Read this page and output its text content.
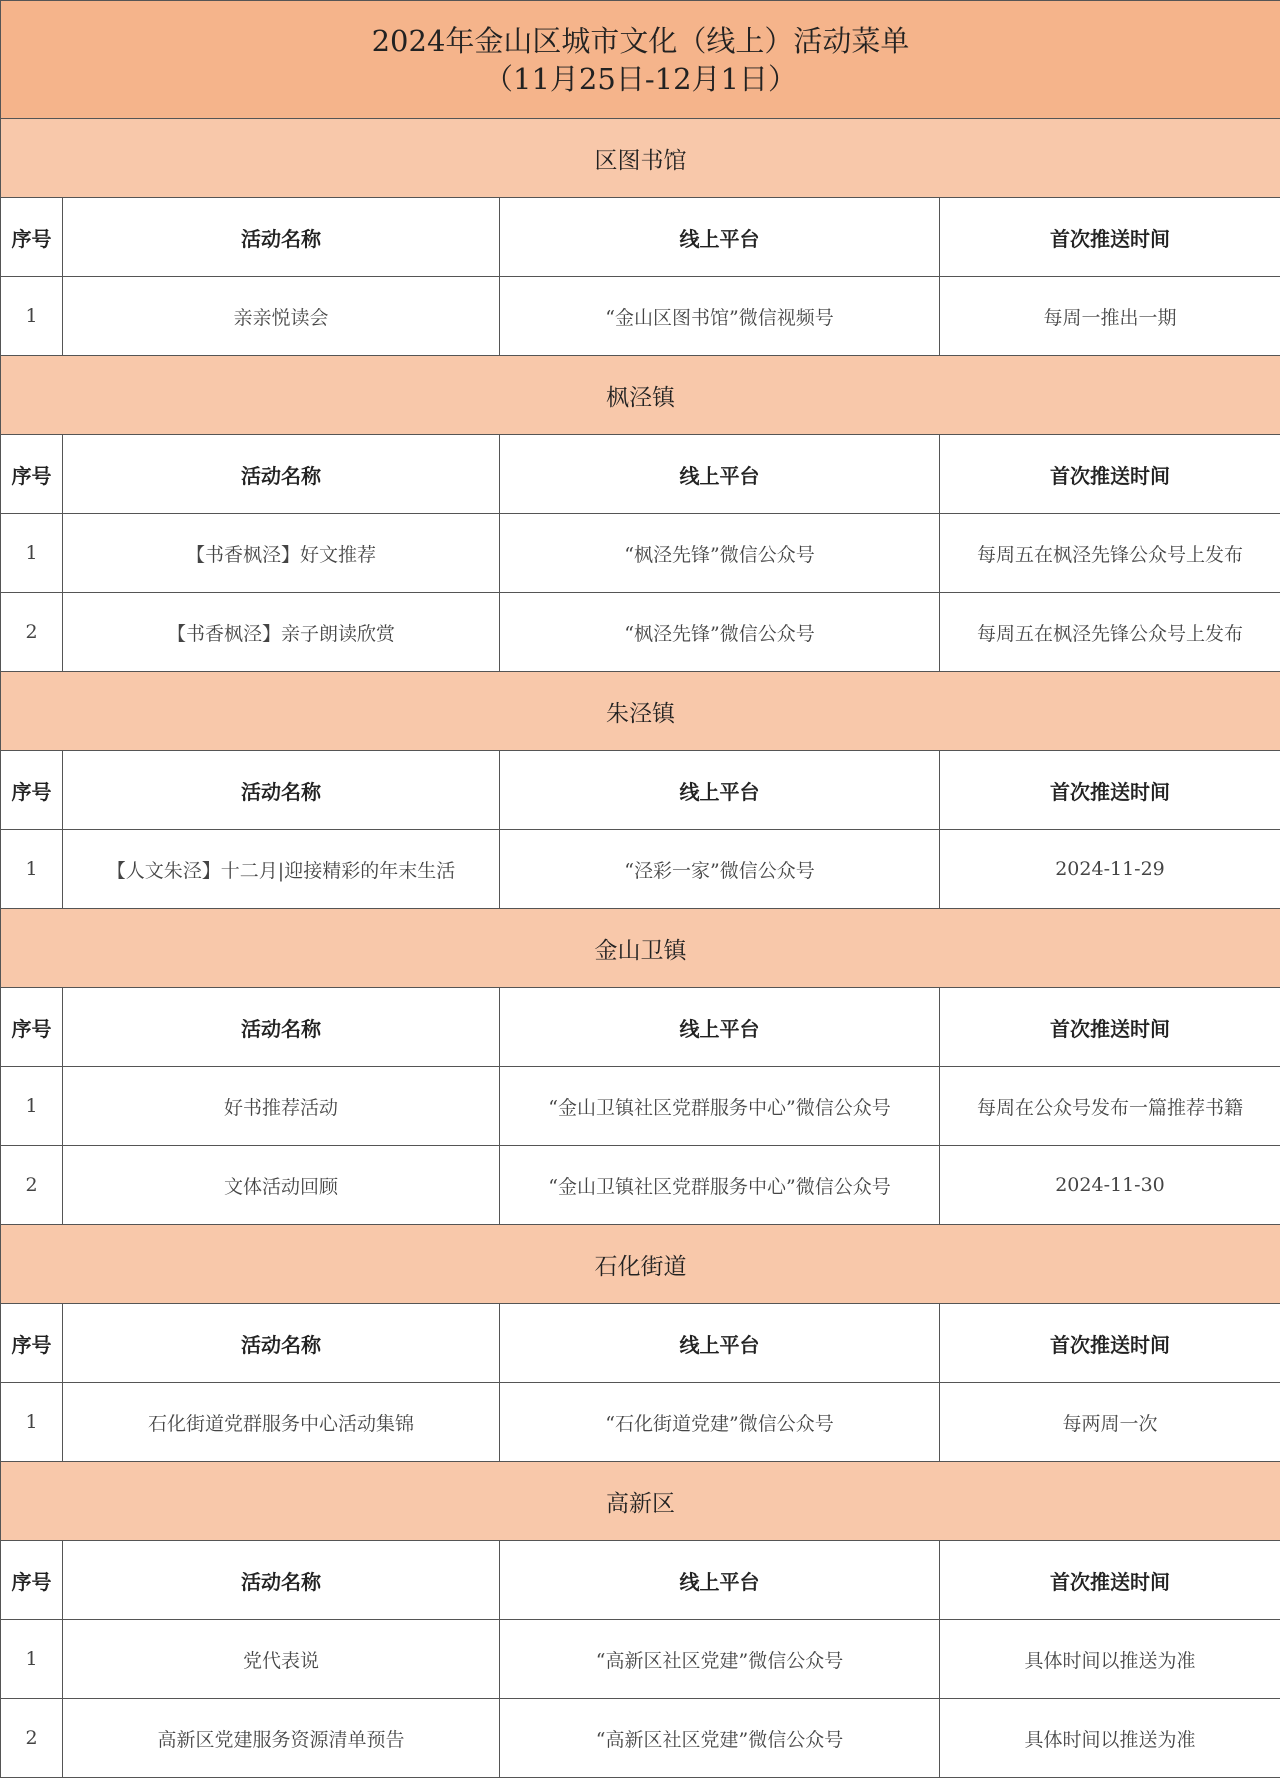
2024年金山区城市文化（线上）活动菜单
（11月25日-12月1日）			

区图书馆			
序号	活动名称	线上平台	首次推送时间
1	亲亲悦读会	“金山区图书馆”微信视频号	每周一推出一期
枫泾镇			
序号	活动名称	线上平台	首次推送时间
1	【书香枫泾】好文推荐	“枫泾先锋”微信公众号	每周五在枫泾先锋公众号上发布
2	【书香枫泾】亲子朗读欣赏	“枫泾先锋”微信公众号	每周五在枫泾先锋公众号上发布
朱泾镇			
序号	活动名称	线上平台	首次推送时间
1	【人文朱泾】十二月|迎接精彩的年末生活	“泾彩一家”微信公众号	2024-11-29
金山卫镇			
序号	活动名称	线上平台	首次推送时间
1	好书推荐活动	“金山卫镇社区党群服务中心”微信公众号	每周在公众号发布一篇推荐书籍
2	文体活动回顾	“金山卫镇社区党群服务中心”微信公众号	2024-11-30
石化街道			
序号	活动名称	线上平台	首次推送时间
1	石化街道党群服务中心活动集锦	“石化街道党建”微信公众号	每两周一次
高新区			
序号	活动名称	线上平台	首次推送时间
1	党代表说	“高新区社区党建”微信公众号	具体时间以推送为准
2	高新区党建服务资源清单预告	“高新区社区党建”微信公众号	具体时间以推送为准
